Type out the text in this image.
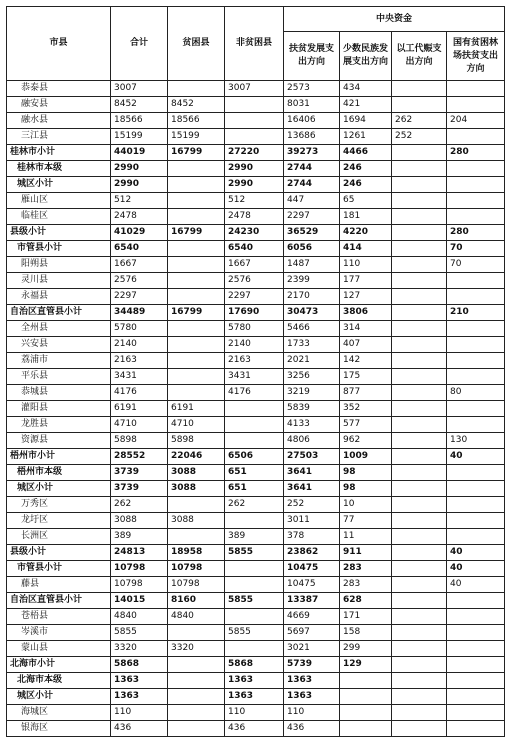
市县	合计	贫困县	非贫困县	中央资金			
				扶贫发展支出方向	少数民族发展支出方向	以工代赈支出方向	国有贫困林场扶贫支出方向
恭泰县	3007		3007	2573	434		
融安县	8452	8452		8031	421		
融水县	18566	18566		16406	1694	262	204
三江县	15199	15199		13686	1261	252	
桂林市小计	44019	16799	27220	39273	4466		280
桂林市本级	2990		2990	2744	246		
城区小计	2990		2990	2744	246		
雁山区	512		512	447	65		
临桂区	2478		2478	2297	181		
县级小计	41029	16799	24230	36529	4220		280
市管县小计	6540		6540	6056	414		70
阳朔县	1667		1667	1487	110		70
灵川县	2576		2576	2399	177		
永福县	2297		2297	2170	127		
自治区直管县小计	34489	16799	17690	30473	3806		210
全州县	5780		5780	5466	314		
兴安县	2140		2140	1733	407		
荔浦市	2163		2163	2021	142		
平乐县	3431		3431	3256	175		
恭城县	4176		4176	3219	877		80
灌阳县	6191	6191		5839	352		
龙胜县	4710	4710		4133	577		
资源县	5898	5898		4806	962		130
梧州市小计	28552	22046	6506	27503	1009		40
梧州市本级	3739	3088	651	3641	98		
城区小计	3739	3088	651	3641	98		
万秀区	262		262	252	10		
龙圩区	3088	3088		3011	77		
长洲区	389		389	378	11		
县级小计	24813	18958	5855	23862	911		40
市管县小计	10798	10798		10475	283		40
藤县	10798	10798		10475	283		40
自治区直管县小计	14015	8160	5855	13387	628		
苍梧县	4840	4840		4669	171		
岑溪市	5855		5855	5697	158		
蒙山县	3320	3320		3021	299		
北海市小计	5868		5868	5739	129		
北海市本级	1363		1363	1363			
城区小计	1363		1363	1363			
海城区	110		110	110			
银海区	436		436	436			
